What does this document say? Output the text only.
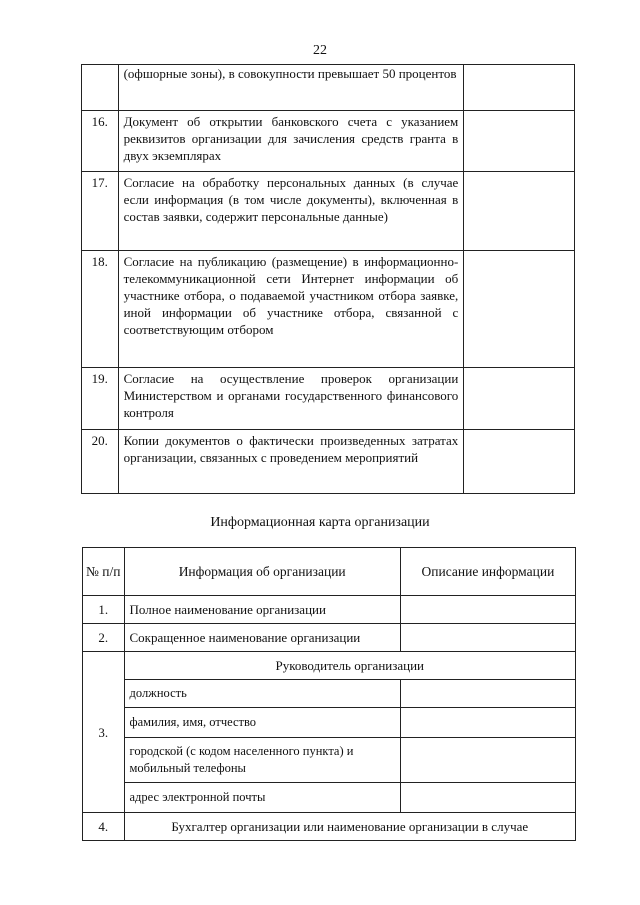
22
	(офшорные зоны), в совокупности превышает 50 процентов	
16.	Документ об открытии банковского счета с указанием реквизитов организации для зачисления средств гранта в двух экземплярах	
17.	Согласие на обработку персональных данных (в случае если информация (в том числе документы), включенная в состав заявки, содержит персональные данные)	
18.	Согласие на публикацию (размещение) в информационно-телекоммуникационной сети Интернет информации об участнике отбора, о подаваемой участником отбора заявке, иной информации об участнике отбора, связанной с соответствующим отбором	
19.	Согласие на осуществление проверок организации Министерством и органами государственного финансового контроля	
20.	Копии документов о фактически произведенных затратах организации, связанных с проведением мероприятий	
Информационная карта организации
№ п/п	Информация об организации	Описание информации
1.	Полное наименование организации	
2.	Сокращенное наименование организации	
3.	Руководитель организации	
	должность	
	фамилия, имя, отчество	
	городской (с кодом населенного пункта) и мобильный телефоны	
	адрес электронной почты	
4.	Бухгалтер организации или наименование организации в случае	
